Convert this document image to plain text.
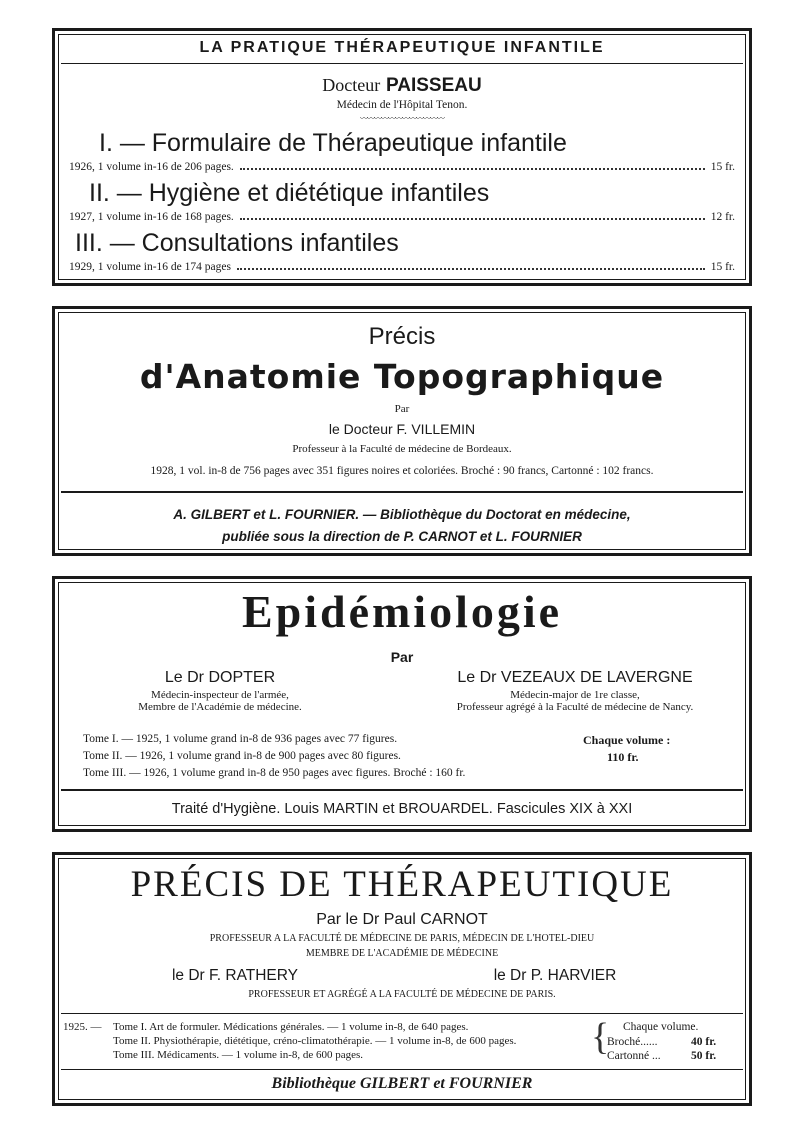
LA PRATIQUE THÉRAPEUTIQUE INFANTILE
Docteur PAISSEAU
Médecin de l'Hôpital Tenon.
〰〰〰〰〰〰〰〰〰〰〰〰
I. — Formulaire de Thérapeutique infantile
1926, 1 volume in-16 de 206 pages.	15 fr.
II. — Hygiène et diététique infantiles
1927, 1 volume in-16 de 168 pages.	12 fr.
III. — Consultations infantiles
1929, 1 volume in-16 de 174 pages	15 fr.
Précis
d'Anatomie Topographique
Par
le Docteur F. VILLEMIN
Professeur à la Faculté de médecine de Bordeaux.
1928, 1 vol. in-8 de 756 pages avec 351 figures noires et coloriées. Broché : 90 francs, Cartonné : 102 francs.
A. GILBERT et L. FOURNIER. — Bibliothèque du Doctorat en médecine,
publiée sous la direction de P. CARNOT et L. FOURNIER
Epidémiologie
Par
Le Dr DOPTER
Médecin-inspecteur de l'armée,
Membre de l'Académie de médecine.
Le Dr VEZEAUX DE LAVERGNE
Médecin-major de 1re classe,
Professeur agrégé à la Faculté de médecine de Nancy.
Tome I. — 1925, 1 volume grand in-8 de 936 pages avec 77 figures.
Tome II. — 1926, 1 volume grand in-8 de 900 pages avec 80 figures.
Tome III. — 1926, 1 volume grand in-8 de 950 pages avec figures. Broché : 160 fr.
Chaque volume :
110 fr.
Traité d'Hygiène. Louis MARTIN et BROUARDEL. Fascicules XIX à XXI
PRÉCIS DE THÉRAPEUTIQUE
Par le Dr Paul CARNOT
PROFESSEUR A LA FACULTÉ DE MÉDECINE DE PARIS, MÉDECIN DE L'HOTEL-DIEU
MEMBRE DE L'ACADÉMIE DE MÉDECINE
le Dr F. RATHERY	le Dr P. HARVIER
PROFESSEUR ET AGRÉGÉ A LA FACULTÉ DE MÉDECINE DE PARIS.
1925. — Tome I. Art de formuler. Médications générales. — 1 volume in-8, de 640 pages.
Tome II. Physiothérapie, diététique, créno-climatothérapie. — 1 volume in-8, de 600 pages.
Tome III. Médicaments. — 1 volume in-8, de 600 pages.	{ Chaque volume.
Broché......	40 fr.
Cartonné ...	50 fr.
Bibliothèque GILBERT et FOURNIER
